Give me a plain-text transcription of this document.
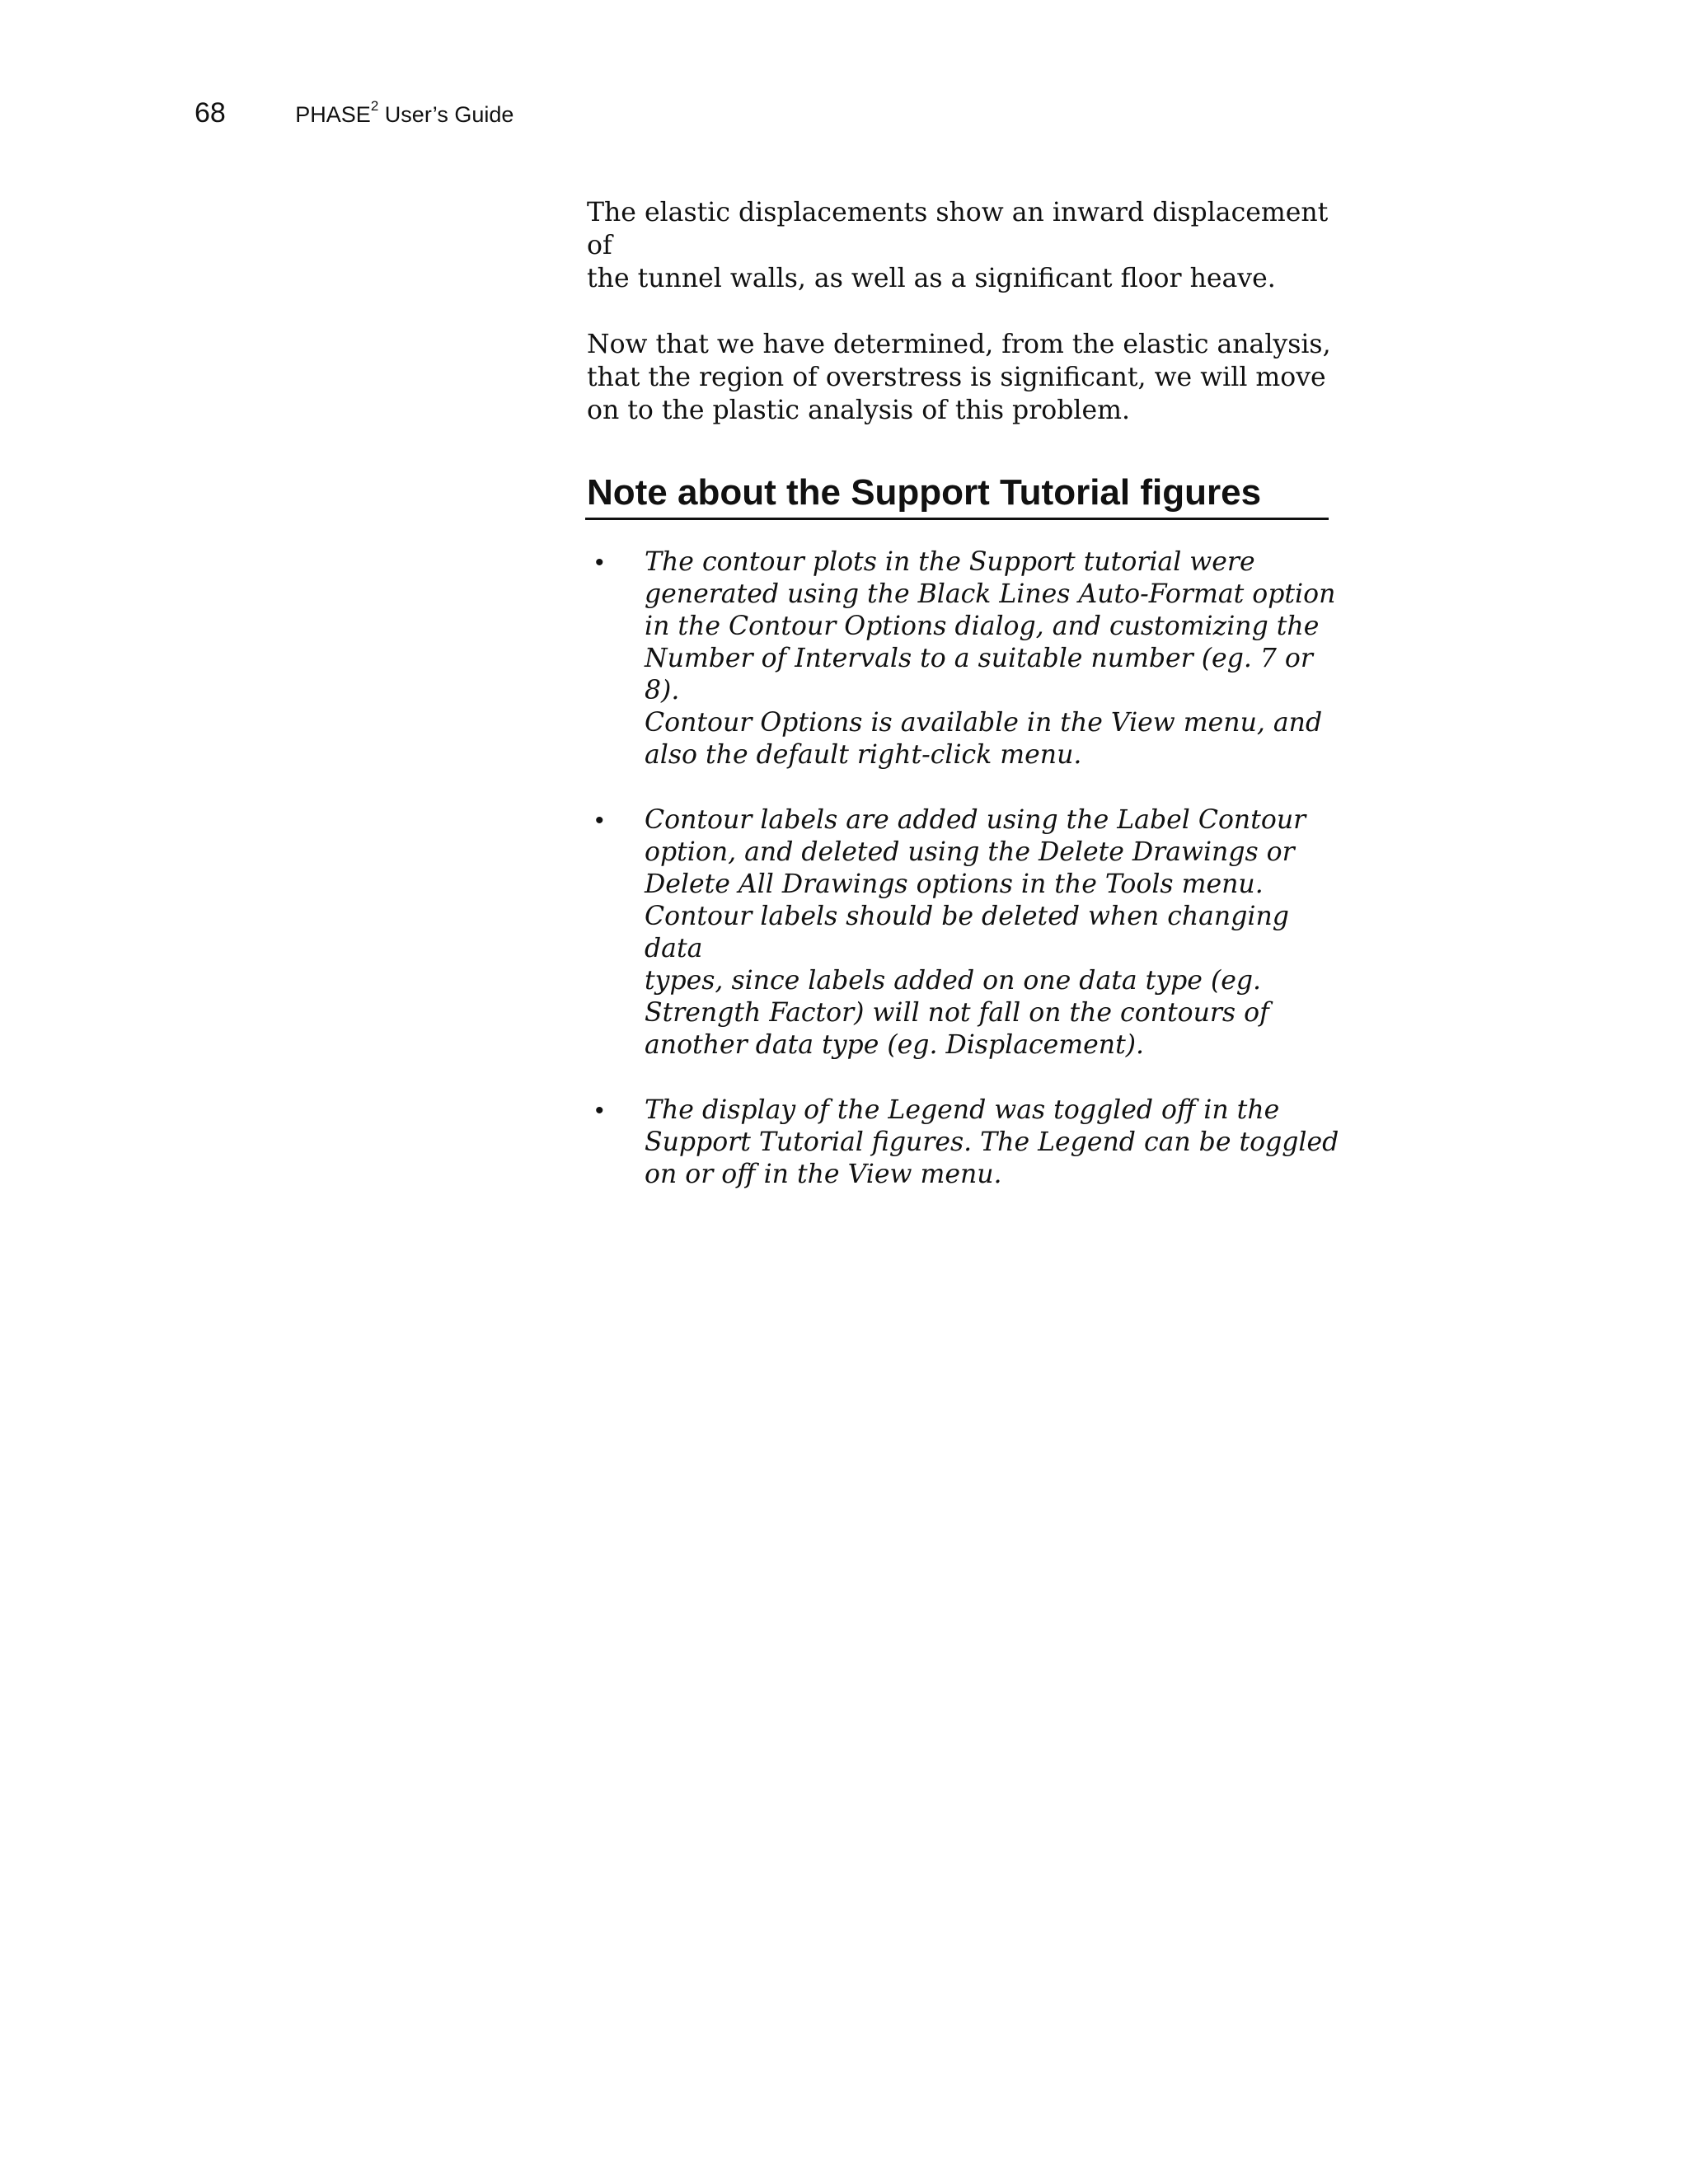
68	PHASE$^2$ User’s Guide

The elastic displacements show an inward displacement of
the tunnel walls, as well as a significant floor heave.

Now that we have determined, from the elastic analysis,
that the region of overstress is significant, we will move
on to the plastic analysis of this problem.

Note about the Support Tutorial figures
• The contour plots in the Support tutorial were
generated using the Black Lines Auto-Format option
in the Contour Options dialog, and customizing the
Number of Intervals to a suitable number (eg. 7 or 8).
Contour Options is available in the View menu, and
also the default right-click menu.
• Contour labels are added using the Label Contour
option, and deleted using the Delete Drawings or
Delete All Drawings options in the Tools menu.
Contour labels should be deleted when changing data
types, since labels added on one data type (eg.
Strength Factor) will not fall on the contours of
another data type (eg. Displacement).
• The display of the Legend was toggled off in the
Support Tutorial figures. The Legend can be toggled
on or off in the View menu.
